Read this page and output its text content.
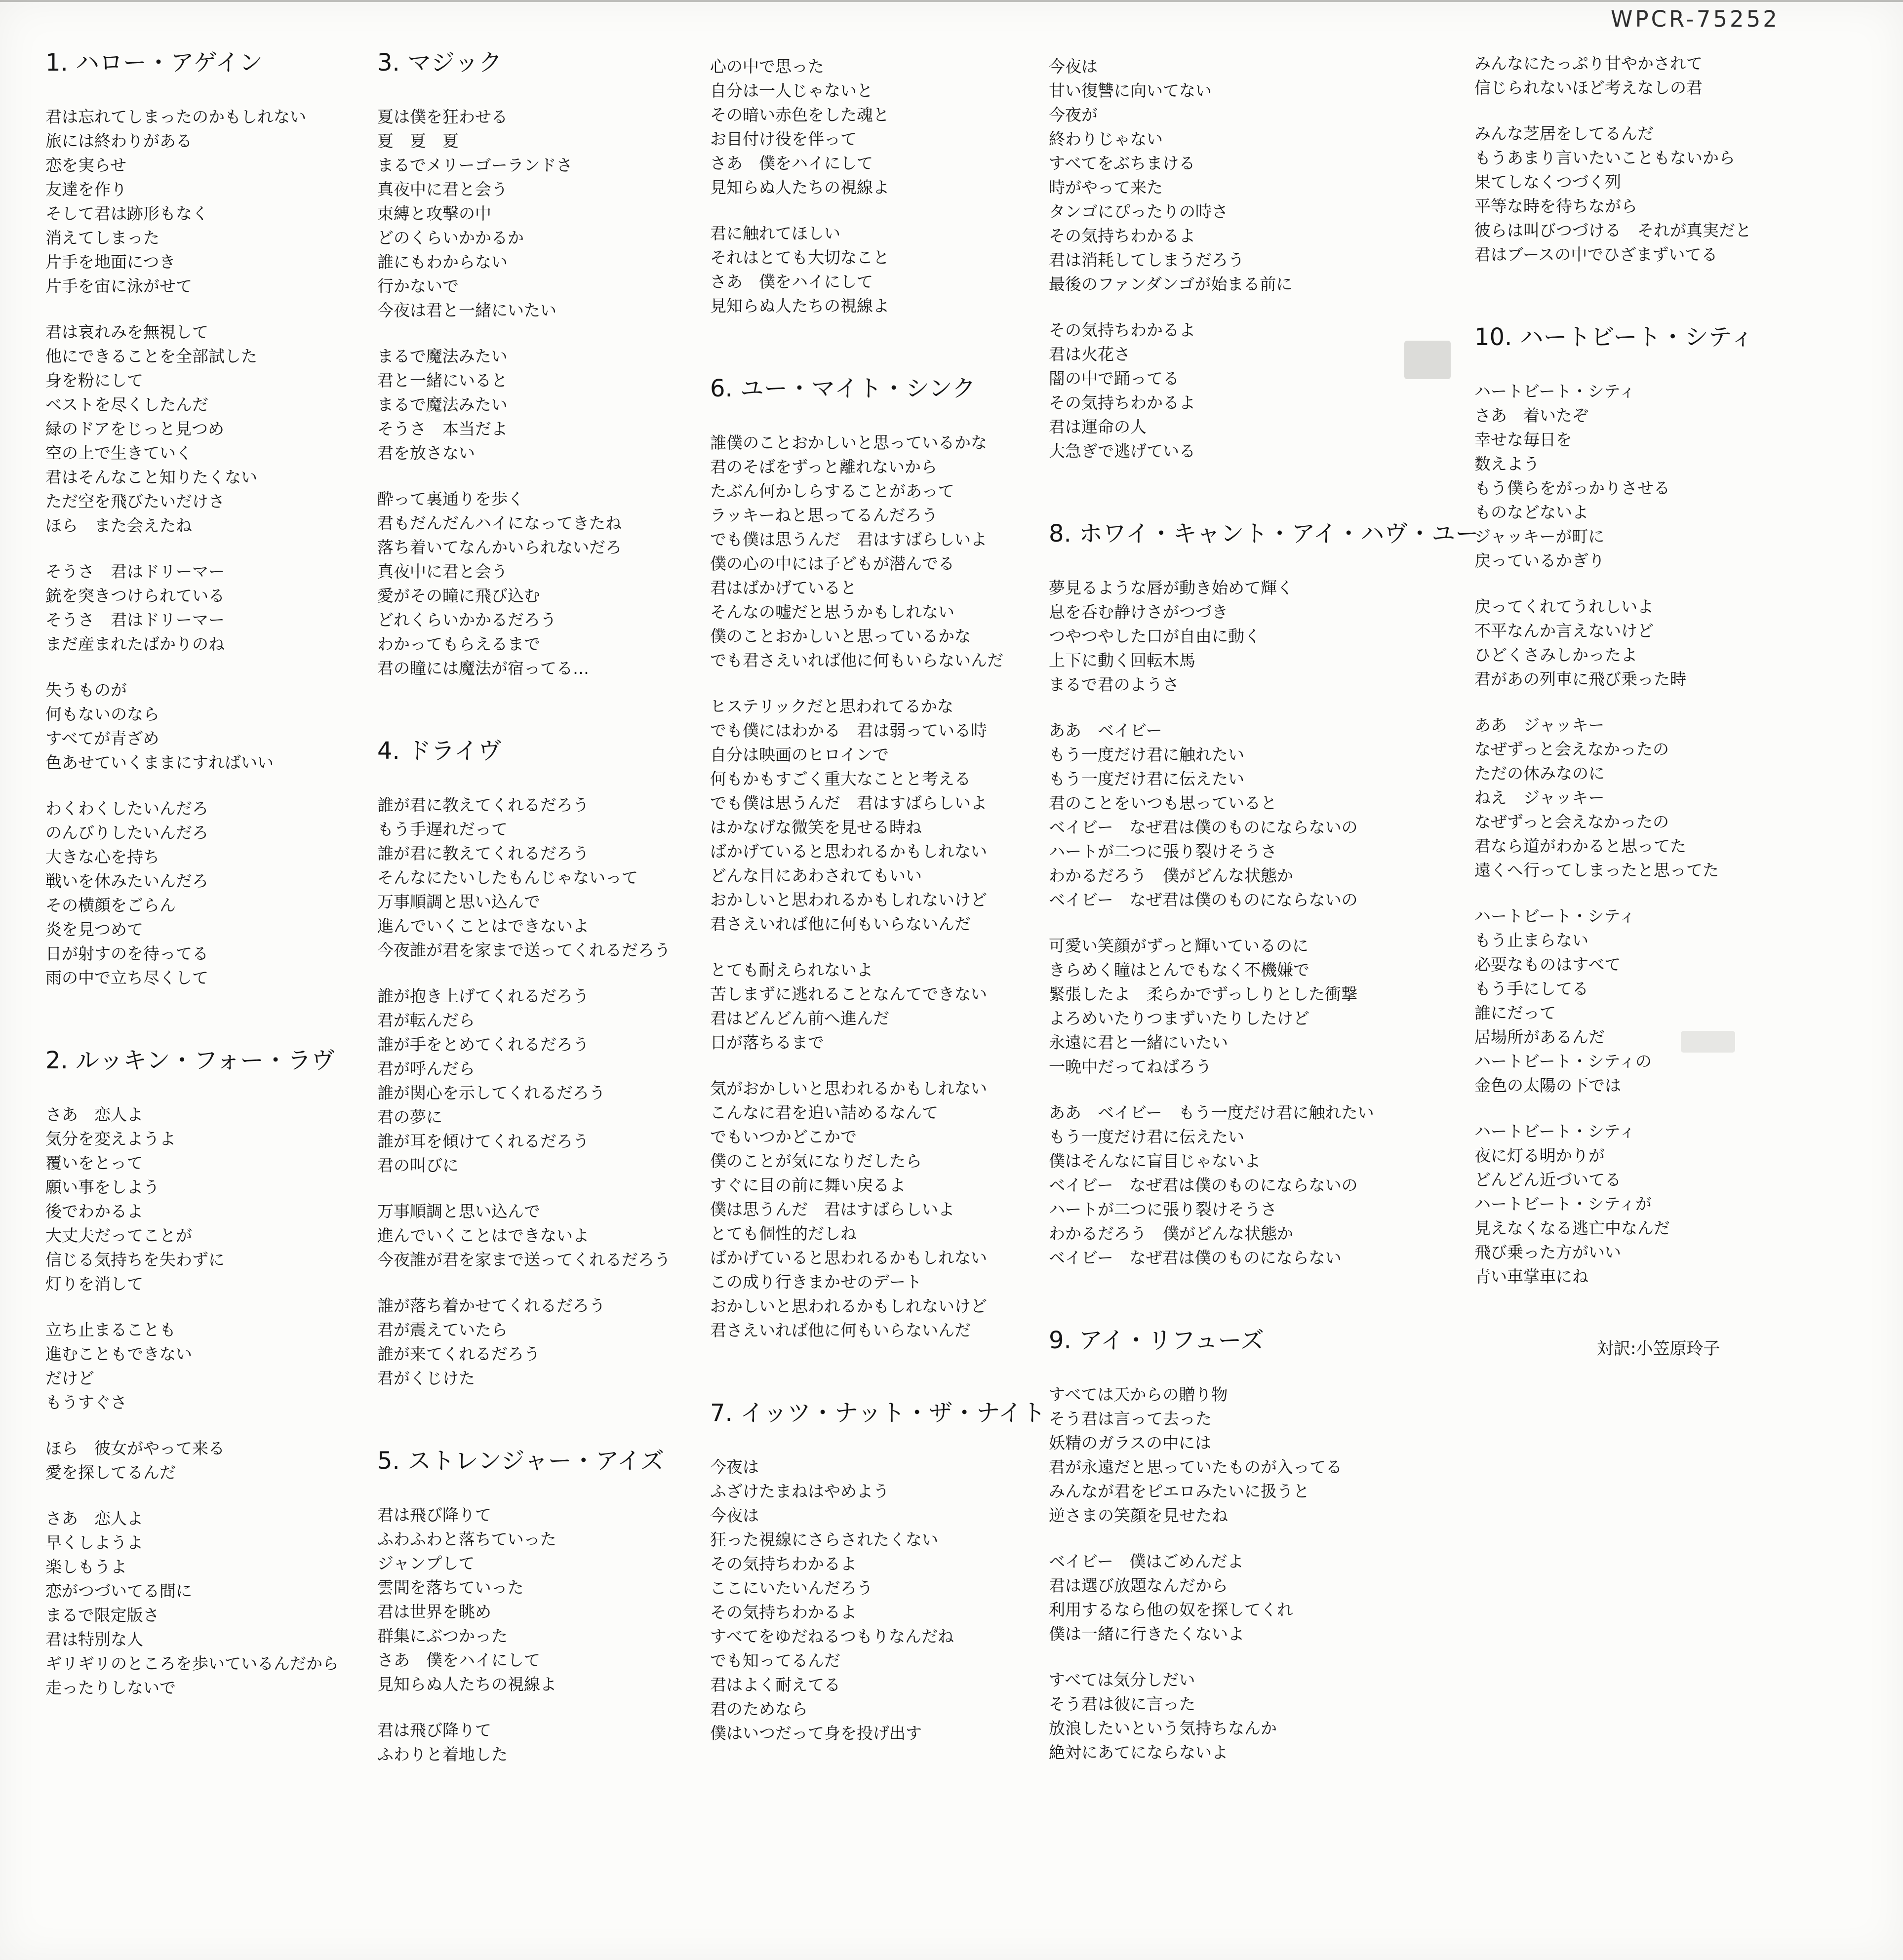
WPCR-75252
1. ハロー・アゲイン
君は忘れてしまったのかもしれない
旅には終わりがある
恋を実らせ
友達を作り
そして君は跡形もなく
消えてしまった
片手を地面につき
片手を宙に泳がせて
君は哀れみを無視して
他にできることを全部試した
身を粉にして
ベストを尽くしたんだ
緑のドアをじっと見つめ
空の上で生きていく
君はそんなこと知りたくない
ただ空を飛びたいだけさ
ほら　また会えたね
そうさ　君はドリーマー
銃を突きつけられている
そうさ　君はドリーマー
まだ産まれたばかりのね
失うものが
何もないのなら
すべてが青ざめ
色あせていくままにすればいい
わくわくしたいんだろ
のんびりしたいんだろ
大きな心を持ち
戦いを休みたいんだろ
その横顔をごらん
炎を見つめて
日が射すのを待ってる
雨の中で立ち尽くして
2. ルッキン・フォー・ラヴ
さあ　恋人よ
気分を変えようよ
覆いをとって
願い事をしよう
後でわかるよ
大丈夫だってことが
信じる気持ちを失わずに
灯りを消して
立ち止まることも
進むこともできない
だけど
もうすぐさ
ほら　彼女がやって来る
愛を探してるんだ
さあ　恋人よ
早くしようよ
楽しもうよ
恋がつづいてる間に
まるで限定版さ
君は特別な人
ギリギリのところを歩いているんだから
走ったりしないで
3. マジック
夏は僕を狂わせる
夏　夏　夏
まるでメリーゴーランドさ
真夜中に君と会う
束縛と攻撃の中
どのくらいかかるか
誰にもわからない
行かないで
今夜は君と一緒にいたい
まるで魔法みたい
君と一緒にいると
まるで魔法みたい
そうさ　本当だよ
君を放さない
酔って裏通りを歩く
君もだんだんハイになってきたね
落ち着いてなんかいられないだろ
真夜中に君と会う
愛がその瞳に飛び込む
どれくらいかかるだろう
わかってもらえるまで
君の瞳には魔法が宿ってる…
4. ドライヴ
誰が君に教えてくれるだろう
もう手遅れだって
誰が君に教えてくれるだろう
そんなにたいしたもんじゃないって
万事順調と思い込んで
進んでいくことはできないよ
今夜誰が君を家まで送ってくれるだろう
誰が抱き上げてくれるだろう
君が転んだら
誰が手をとめてくれるだろう
君が呼んだら
誰が関心を示してくれるだろう
君の夢に
誰が耳を傾けてくれるだろう
君の叫びに
万事順調と思い込んで
進んでいくことはできないよ
今夜誰が君を家まで送ってくれるだろう
誰が落ち着かせてくれるだろう
君が震えていたら
誰が来てくれるだろう
君がくじけた
5. ストレンジャー・アイズ
君は飛び降りて
ふわふわと落ちていった
ジャンプして
雲間を落ちていった
君は世界を眺め
群集にぶつかった
さあ　僕をハイにして
見知らぬ人たちの視線よ
君は飛び降りて
ふわりと着地した
心の中で思った
自分は一人じゃないと
その暗い赤色をした魂と
お目付け役を伴って
さあ　僕をハイにして
見知らぬ人たちの視線よ
君に触れてほしい
それはとても大切なこと
さあ　僕をハイにして
見知らぬ人たちの視線よ
6. ユー・マイト・シンク
誰僕のことおかしいと思っているかな
君のそばをずっと離れないから
たぶん何かしらすることがあって
ラッキーねと思ってるんだろう
でも僕は思うんだ　君はすばらしいよ
僕の心の中には子どもが潜んでる
君はばかげていると
そんなの嘘だと思うかもしれない
僕のことおかしいと思っているかな
でも君さえいれば他に何もいらないんだ
ヒステリックだと思われてるかな
でも僕にはわかる　君は弱っている時
自分は映画のヒロインで
何もかもすごく重大なことと考える
でも僕は思うんだ　君はすばらしいよ
はかなげな微笑を見せる時ね
ばかげていると思われるかもしれない
どんな目にあわされてもいい
おかしいと思われるかもしれないけど
君さえいれば他に何もいらないんだ
とても耐えられないよ
苦しまずに逃れることなんてできない
君はどんどん前へ進んだ
日が落ちるまで
気がおかしいと思われるかもしれない
こんなに君を追い詰めるなんて
でもいつかどこかで
僕のことが気になりだしたら
すぐに目の前に舞い戻るよ
僕は思うんだ　君はすばらしいよ
とても個性的だしね
ばかげていると思われるかもしれない
この成り行きまかせのデート
おかしいと思われるかもしれないけど
君さえいれば他に何もいらないんだ
7. イッツ・ナット・ザ・ナイト
今夜は
ふざけたまねはやめよう
今夜は
狂った視線にさらされたくない
その気持ちわかるよ
ここにいたいんだろう
その気持ちわかるよ
すべてをゆだねるつもりなんだね
でも知ってるんだ
君はよく耐えてる
君のためなら
僕はいつだって身を投げ出す
今夜は
甘い復讐に向いてない
今夜が
終わりじゃない
すべてをぶちまける
時がやって来た
タンゴにぴったりの時さ
その気持ちわかるよ
君は消耗してしまうだろう
最後のファンダンゴが始まる前に
その気持ちわかるよ
君は火花さ
闇の中で踊ってる
その気持ちわかるよ
君は運命の人
大急ぎで逃げている
8. ホワイ・キャント・アイ・ハヴ・ユー
夢見るような唇が動き始めて輝く
息を呑む静けさがつづき
つやつやした口が自由に動く
上下に動く回転木馬
まるで君のようさ
ああ　ベイビー
もう一度だけ君に触れたい
もう一度だけ君に伝えたい
君のことをいつも思っていると
ベイビー　なぜ君は僕のものにならないの
ハートが二つに張り裂けそうさ
わかるだろう　僕がどんな状態か
ベイビー　なぜ君は僕のものにならないの
可愛い笑顔がずっと輝いているのに
きらめく瞳はとんでもなく不機嫌で
緊張したよ　柔らかでずっしりとした衝撃
よろめいたりつまずいたりしたけど
永遠に君と一緒にいたい
一晩中だってねばろう
ああ　ベイビー　もう一度だけ君に触れたい
もう一度だけ君に伝えたい
僕はそんなに盲目じゃないよ
ベイビー　なぜ君は僕のものにならないの
ハートが二つに張り裂けそうさ
わかるだろう　僕がどんな状態か
ベイビー　なぜ君は僕のものにならない
9. アイ・リフューズ
すべては天からの贈り物
そう君は言って去った
妖精のガラスの中には
君が永遠だと思っていたものが入ってる
みんなが君をピエロみたいに扱うと
逆さまの笑顔を見せたね
ベイビー　僕はごめんだよ
君は選び放題なんだから
利用するなら他の奴を探してくれ
僕は一緒に行きたくないよ
すべては気分しだい
そう君は彼に言った
放浪したいという気持ちなんか
絶対にあてにならないよ
みんなにたっぷり甘やかされて
信じられないほど考えなしの君
みんな芝居をしてるんだ
もうあまり言いたいこともないから
果てしなくつづく列
平等な時を待ちながら
彼らは叫びつづける　それが真実だと
君はブースの中でひざまずいてる
10. ハートビート・シティ
ハートビート・シティ
さあ　着いたぞ
幸せな毎日を
数えよう
もう僕らをがっかりさせる
ものなどないよ
ジャッキーが町に
戻っているかぎり
戻ってくれてうれしいよ
不平なんか言えないけど
ひどくさみしかったよ
君があの列車に飛び乗った時
ああ　ジャッキー
なぜずっと会えなかったの
ただの休みなのに
ねえ　ジャッキー
なぜずっと会えなかったの
君なら道がわかると思ってた
遠くへ行ってしまったと思ってた
ハートビート・シティ
もう止まらない
必要なものはすべて
もう手にしてる
誰にだって
居場所があるんだ
ハートビート・シティの
金色の太陽の下では
ハートビート・シティ
夜に灯る明かりが
どんどん近づいてる
ハートビート・シティが
見えなくなる逃亡中なんだ
飛び乗った方がいい
青い車掌車にね
対訳:小笠原玲子
